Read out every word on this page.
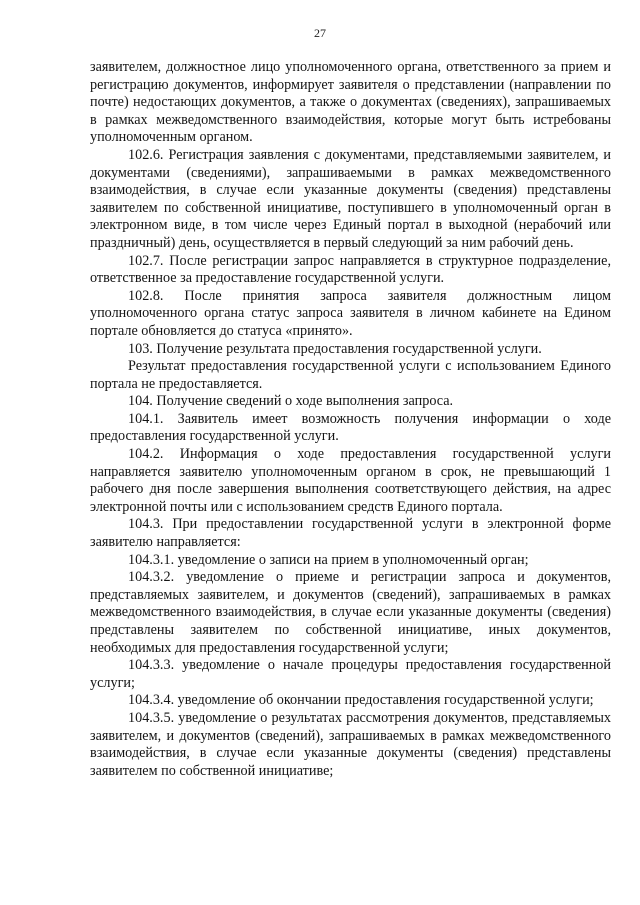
27

заявителем, должностное лицо уполномоченного органа, ответственного за прием и регистрацию документов, информирует заявителя о представлении (направлении по почте) недостающих документов, а также о документах (сведениях), запрашиваемых в рамках межведомственного взаимодействия, которые могут быть истребованы уполномоченным органом.

102.6. Регистрация заявления с документами, представляемыми заявителем, и документами (сведениями), запрашиваемыми в рамках межведомственного взаимодействия, в случае если указанные документы (сведения) представлены заявителем по собственной инициативе, поступившего в уполномоченный орган в электронном виде, в том числе через Единый портал в выходной (нерабочий или праздничный) день, осуществляется в первый следующий за ним рабочий день.

102.7. После регистрации запрос направляется в структурное подразделение, ответственное за предоставление государственной услуги.

102.8. После принятия запроса заявителя должностным лицом уполномоченного органа статус запроса заявителя в личном кабинете на Едином портале обновляется до статуса «принято».

103. Получение результата предоставления государственной услуги.

Результат предоставления государственной услуги с использованием Единого портала не предоставляется.

104. Получение сведений о ходе выполнения запроса.

104.1. Заявитель имеет возможность получения информации о ходе предоставления государственной услуги.

104.2. Информация о ходе предоставления государственной услуги направляется заявителю уполномоченным органом в срок, не превышающий 1 рабочего дня после завершения выполнения соответствующего действия, на адрес электронной почты или с использованием средств Единого портала.

104.3. При предоставлении государственной услуги в электронной форме заявителю направляется:

104.3.1. уведомление о записи на прием в уполномоченный орган;

104.3.2. уведомление о приеме и регистрации запроса и документов, представляемых заявителем, и документов (сведений), запрашиваемых в рамках межведомственного взаимодействия, в случае если указанные документы (сведения) представлены заявителем по собственной инициативе, иных документов, необходимых для предоставления государственной услуги;

104.3.3. уведомление о начале процедуры предоставления государственной услуги;

104.3.4. уведомление об окончании предоставления государственной услуги;

104.3.5. уведомление о результатах рассмотрения документов, представляемых заявителем, и документов (сведений), запрашиваемых в рамках межведомственного взаимодействия, в случае если указанные документы (сведения) представлены заявителем по собственной инициативе;
